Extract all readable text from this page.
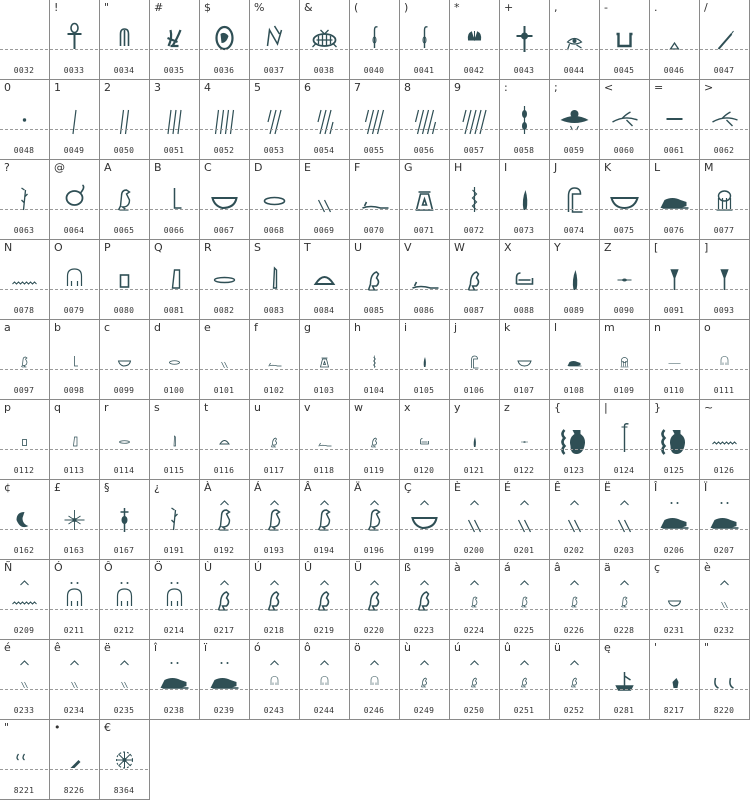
0032
!
0033
"
0034
#
0035
$
0036
%
0037
&
0038
(
0040
)
0041
*
0042
+
0043
,
0044
-
0045
.
0046
/
0047
0
0048
1
0049
2
0050
3
0051
4
0052
5
0053
6
0054
7
0055
8
0056
9
0057
:
0058
;
0059
<
0060
=
0061
>
0062
?
0063
@
0064
A
0065
B
0066
C
0067
D
0068
E
0069
F
0070
G
0071
H
0072
I
0073
J
0074
K
0075
L
0076
M
0077
N
0078
O
0079
P
0080
Q
0081
R
0082
S
0083
T
0084
U
0085
V
0086
W
0087
X
0088
Y
0089
Z
0090
[
0091
]
0093
a
0097
b
0098
c
0099
d
0100
e
0101
f
0102
g
0103
h
0104
i
0105
j
0106
k
0107
l
0108
m
0109
n
0110
o
0111
p
0112
q
0113
r
0114
s
0115
t
0116
u
0117
v
0118
w
0119
x
0120
y
0121
z
0122
{
0123
|
0124
}
0125
~
0126
¢
0162
£
0163
§
0167
¿
0191
À
0192
Á
0193
Â
0194
Ä
0196
Ç
0199
È
0200
É
0201
Ê
0202
Ë
0203
Î
0206
Ï
0207
Ñ
0209
Ó
0211
Ô
0212
Ö
0214
Ù
0217
Ú
0218
Û
0219
Ü
0220
ß
0223
à
0224
á
0225
â
0226
ä
0228
ç
0231
è
0232
é
0233
ê
0234
ë
0235
î
0238
ï
0239
ó
0243
ô
0244
ö
0246
ù
0249
ú
0250
û
0251
ü
0252
ę
0281
'
8217
"
8220
"
8221
•
8226
€
8364
